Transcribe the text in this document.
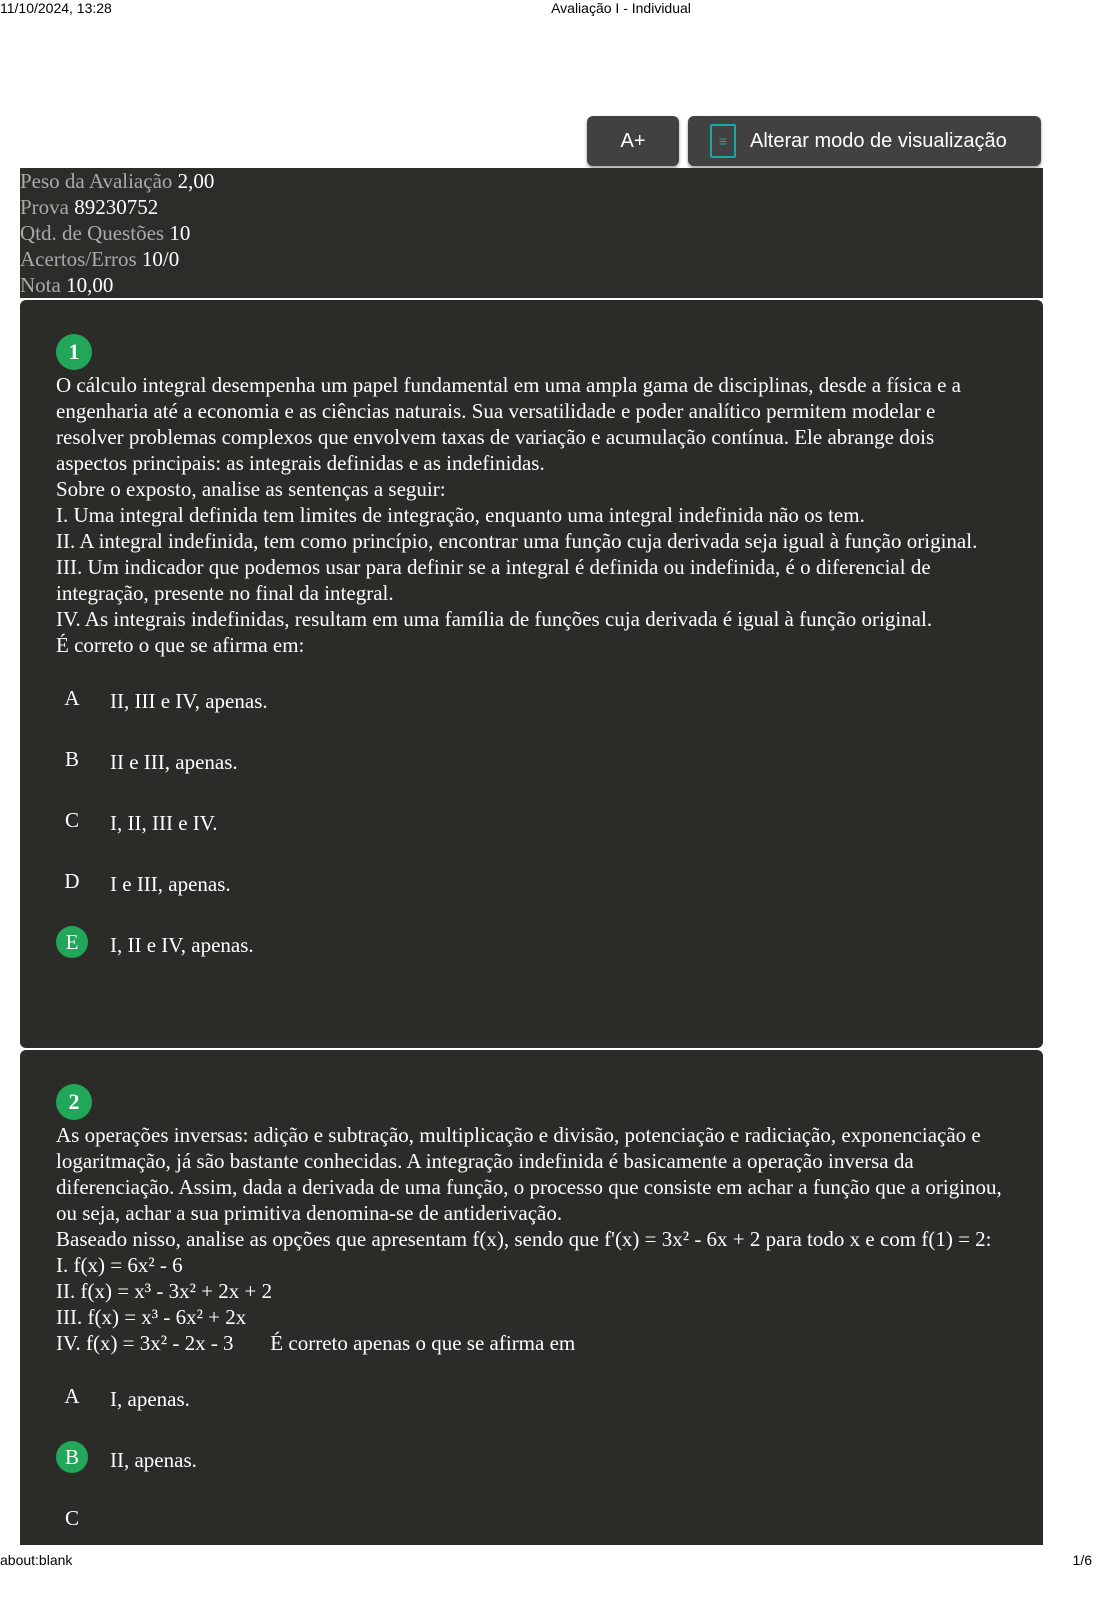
11/10/2024, 13:28	Avaliação I - Individual
A+	≡	Alterar modo de visualização
Peso da Avaliação 2,00
Prova 89230752
Qtd. de Questões 10
Acertos/Erros 10/0
Nota 10,00
1
O cálculo integral desempenha um papel fundamental em uma ampla gama de disciplinas, desde a física e a engenharia até a economia e as ciências naturais. Sua versatilidade e poder analítico permitem modelar e resolver problemas complexos que envolvem taxas de variação e acumulação contínua. Ele abrange dois aspectos principais: as integrais definidas e as indefinidas.
Sobre o exposto, analise as sentenças a seguir:
I. Uma integral definida tem limites de integração, enquanto uma integral indefinida não os tem.
II. A integral indefinida, tem como princípio, encontrar uma função cuja derivada seja igual à função original.
III. Um indicador que podemos usar para definir se a integral é definida ou indefinida, é o diferencial de integração, presente no final da integral.
IV. As integrais indefinidas, resultam em uma família de funções cuja derivada é igual à função original.
É correto o que se afirma em:
A	II, III e IV, apenas.
B	II e III, apenas.
C	I, II, III e IV.
D	I e III, apenas.
E	I, II e IV, apenas.
2
As operações inversas: adição e subtração, multiplicação e divisão, potenciação e radiciação, exponenciação e logaritmação, já são bastante conhecidas. A integração indefinida é basicamente a operação inversa da diferenciação. Assim, dada a derivada de uma função, o processo que consiste em achar a função que a originou, ou seja, achar a sua primitiva denomina-se de antiderivação.
Baseado nisso, analise as opções que apresentam f(x), sendo que f'(x) = 3x² - 6x + 2 para todo x e com f(1) = 2:
I. f(x) = 6x² - 6
II. f(x) = x³ - 3x² + 2x + 2
III. f(x) = x³ - 6x² + 2x
IV. f(x) = 3x² - 2x - 3       É correto apenas o que se afirma em
A	I, apenas.
B	II, apenas.
C
about:blank	1/6
